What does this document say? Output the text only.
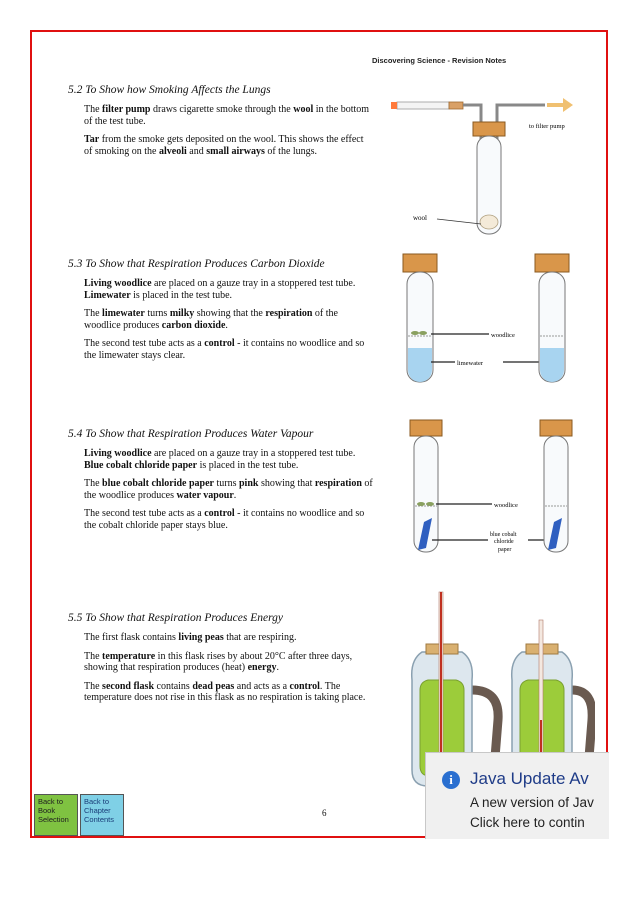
Discovering Science - Revision Notes
5.2 To Show how Smoking Affects the Lungs

The filter pump draws cigarette smoke through the wool in the bottom of the test tube.

Tar from the smoke gets deposited on the wool. This shows the effect of smoking on the alveoli and small airways of the lungs.

to filter pump
wool
5.3 To Show that Respiration Produces Carbon Dioxide

Living woodlice are placed on a gauze tray in a stoppered test tube. Limewater is placed in the test tube.

The limewater turns milky showing that the respiration of the woodlice produces carbon dioxide.

The second test tube acts as a control - it contains no woodlice and so the limewater stays clear.

woodlice
limewater
5.4 To Show that Respiration Produces Water Vapour

Living woodlice are placed on a gauze tray in a stoppered test tube. Blue cobalt chloride paper is placed in the test tube.

The blue cobalt chloride paper turns pink showing that respiration of the woodlice produces water vapour.

The second test tube acts as a control - it contains no woodlice and so the cobalt chloride paper stays blue.

woodlice
blue cobalt
chloride
paper
5.5 To Show that Respiration Produces Energy

The first flask contains living peas that are respiring.

The temperature in this flask rises by about 20°C after three days, showing that respiration produces (heat) energy.

The second flask contains dead peas and acts as a control. The temperature does not rise in this flask as no respiration is taking place.

6
Back to
Book
Selection
Back to
Chapter
Contents
i	Java Update Av
A new version of Jav
Click here to contin
